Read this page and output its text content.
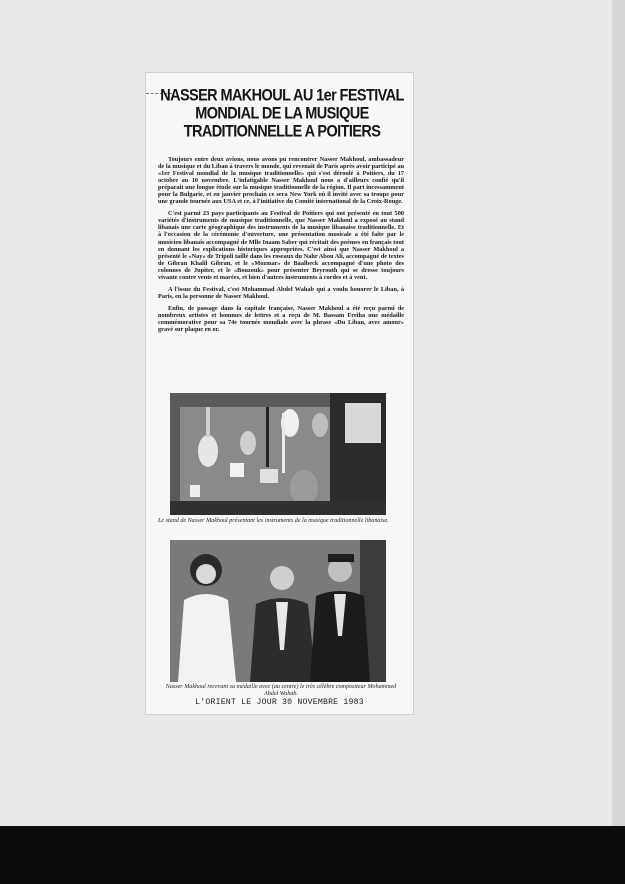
NASSER MAKHOUL AU 1er FESTIVAL
MONDIAL DE LA MUSIQUE
TRADITIONNELLE A POITIERS

Toujours entre deux avions, nous avons pu rencontrer Nasser Makhoul, ambassadeur de la musique et du Liban à travers le monde, qui revenait de Paris après avoir participé au «1er Festival mondial de la musique traditionnelle» qui s'est déroulé à Poitiers, du 17 octobre au 10 novembre. L'infatigable Nasser Makhoul nous a d'ailleurs confié qu'il préparait une longue étude sur la musique traditionnelle de la région. Il part incessamment pour la Bulgarie, et en janvier prochain ce sera New York où il invité avec sa troupe pour une grande tournée aux USA et ce, à l'initiative du Comité international de la Croix-Rouge.

C'est parmi 23 pays participants au Festival de Poitiers qui ont présenté en tout 500 variétés d'instruments de musique traditionnelle, que Nasser Makhoul a exposé au stand libanais une carte géographique des instruments de la musique libanaise traditionnelle. Et à l'occasion de la cérémonie d'ouverture, une présentation musicale a été faite par le musicien libanais accompagné de Mlle Inaam Saber qui récitait des poèmes en français tout en donnant les explications historiques appropriées. C'est ainsi que Nasser Makhoul a présenté le «Nay» de Tripoli taillé dans les roseaux du Nahr Abou Ali, accompagné de textes de Gibran Khalil Gibran, et le «Mozmar» de Baalbeck accompagné d'une photo des colonnes de Jupiter, et le «Bouzouk» pour présenter Beyrouth qui se dresse toujours vivante contre vents et marées, et bien d'autres instruments à cordes et à vent.

A l'issue du Festival, c'est Mohammad Abdel Wahab qui a voulu honorer le Liban, à Paris, en la personne de Nasser Makhoul.

Enfin, de passage dans la capitale française, Nasser Makhoul a été reçu parmi de nombreux artistes et hommes de lettres et a reçu de M. Bassam Freiha une médaille commémorative pour sa 74e tournée mondiale avec la phrase «Du Liban, avec amour» gravé sur plaque en or.

Le stand de Nasser Makhoul présentant les instruments de la musique traditionnelle libanaise.
Nasser Makhoul recevant sa médaille avec (au centre) le très célèbre compositeur Mohammed Abdel Wahab.
L'ORIENT LE JOUR 30 NOVEMBRE 1983
